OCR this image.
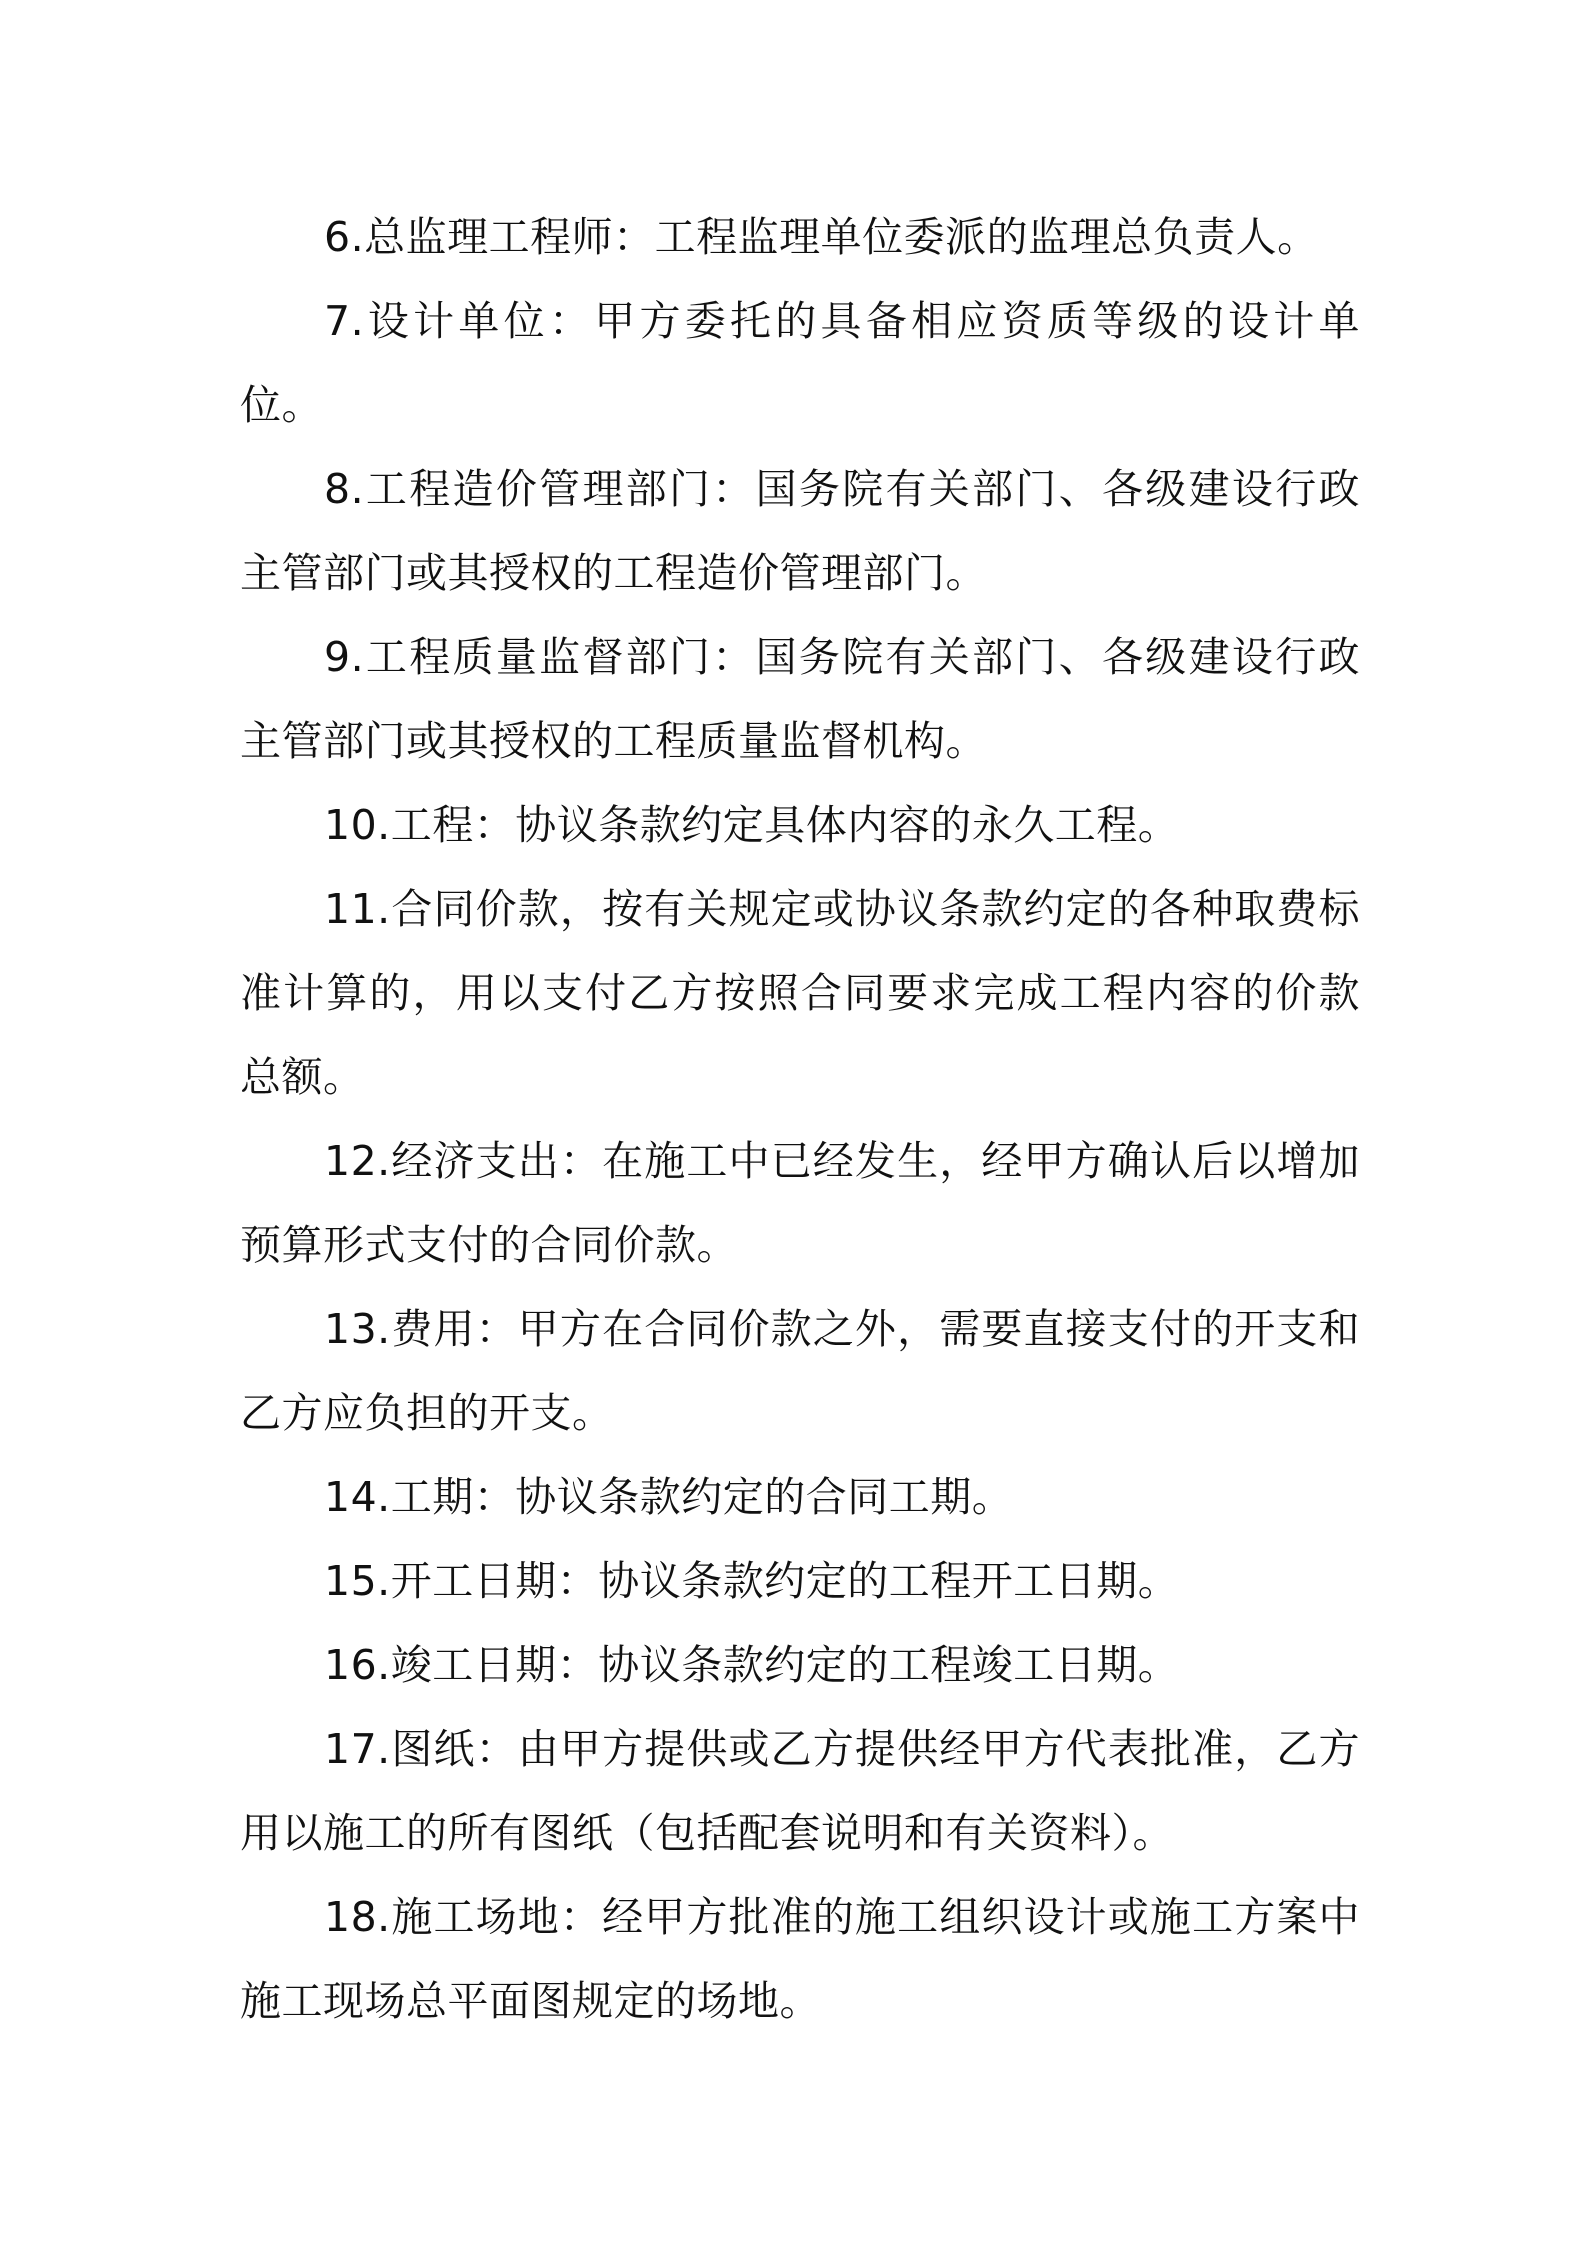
6.总监理工程师：工程监理单位委派的监理总负责人。

7.设计单位：甲方委托的具备相应资质等级的设计单位。

8.工程造价管理部门：国务院有关部门、各级建设行政主管部门或其授权的工程造价管理部门。

9.工程质量监督部门：国务院有关部门、各级建设行政主管部门或其授权的工程质量监督机构。

10.工程：协议条款约定具体内容的永久工程。

11.合同价款，按有关规定或协议条款约定的各种取费标准计算的，用以支付乙方按照合同要求完成工程内容的价款总额。

12.经济支出：在施工中已经发生，经甲方确认后以增加预算形式支付的合同价款。

13.费用：甲方在合同价款之外，需要直接支付的开支和乙方应负担的开支。

14.工期：协议条款约定的合同工期。

15.开工日期：协议条款约定的工程开工日期。

16.竣工日期：协议条款约定的工程竣工日期。

17.图纸：由甲方提供或乙方提供经甲方代表批准，乙方用以施工的所有图纸（包括配套说明和有关资料）。

18.施工场地：经甲方批准的施工组织设计或施工方案中施工现场总平面图规定的场地。
